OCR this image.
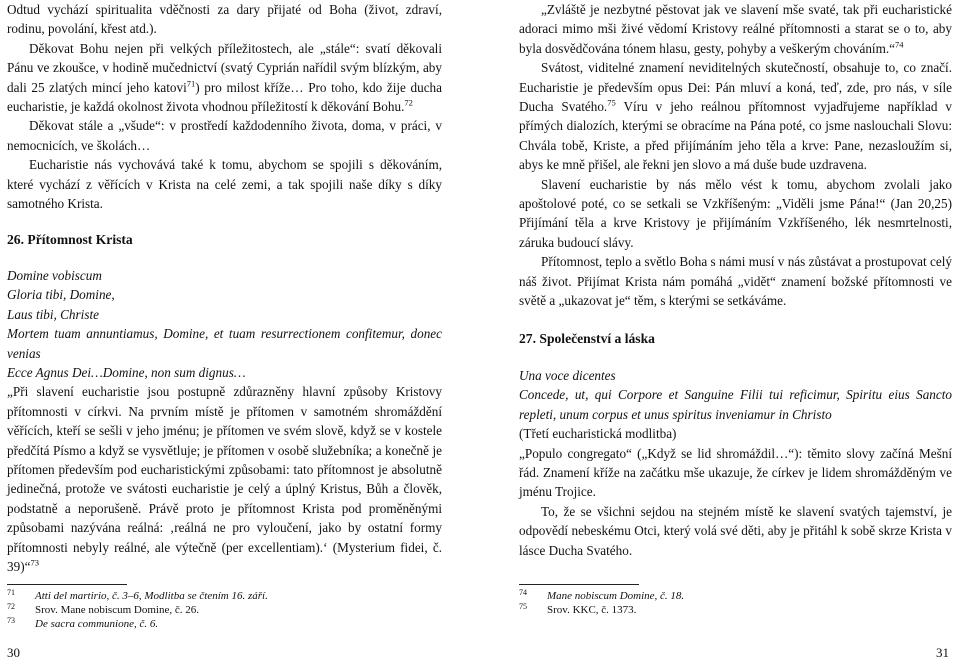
Odtud vychází spiritualita vděčnosti za dary přijaté od Boha (život, zdraví, rodinu, povolání, křest atd.).

Děkovat Bohu nejen při velkých příležitostech, ale „stále“: svatí děkovali Pánu ve zkoušce, v hodině mučednictví (svatý Cyprián nařídil svým blízkým, aby dali 25 zlatých mincí jeho katovi$^{71}$) pro milost kříže… Pro toho, kdo žije ducha eucharistie, je každá okolnost života vhodnou příležitostí k děkování Bohu.$^{72}$

Děkovat stále a „všude“: v prostředí každodenního života, doma, v práci, v nemocnicích, ve školách…

Eucharistie nás vychovává také k tomu, abychom se spojili s děkováním, které vychází z věřících v Krista na celé zemi, a tak spojili naše díky s díky samotného Krista.

26. Přítomnost Krista

Domine vobiscum

Gloria tibi, Domine,

Laus tibi, Christe

Mortem tuam annuntiamus, Domine, et tuam resurrectionem confitemur, donec venias

Ecce Agnus Dei…Domine, non sum dignus…

„Při slavení eucharistie jsou postupně zdůrazněny hlavní způsoby Kristovy přítomnosti v církvi. Na prvním místě je přítomen v samotném shromáždění věřících, kteří se sešli v jeho jménu; je přítomen ve svém slově, když se v kostele předčítá Písmo a když se vysvětluje; je přítomen v osobě služebníka; a konečně je přítomen především pod eucharistickými způsobami: tato přítomnost je absolutně jedinečná, protože ve svátosti eucharistie je celý a úplný Kristus, Bůh a člověk, podstatně a neporušeně. Právě proto je přítomnost Krista pod proměněnými způsobami nazývána reálná: ‚reálná ne pro vyloučení, jako by ostatní formy přítomnosti nebyly reálné, ale výtečně (per excellentiam).‘ (Mysterium fidei, č. 39)“$^{73}$

71 Atti del martirio, č. 3–6, Modlitba se čtením 16. září.
72 Srov. Mane nobiscum Domine, č. 26.
73 De sacra communione, č. 6.
30

„Zvláště je nezbytné pěstovat jak ve slavení mše svaté, tak při eucharistické adoraci mimo mši živé vědomí Kristovy reálné přítomnosti a starat se o to, aby byla dosvědčována tónem hlasu, gesty, pohyby a veškerým chováním.“$^{74}$

Svátost, viditelné znamení neviditelných skutečností, obsahuje to, co značí. Eucharistie je především opus Dei: Pán mluví a koná, teď, zde, pro nás, v síle Ducha Svatého.$^{75}$ Víru v jeho reálnou přítomnost vyjadřujeme například v přímých dialozích, kterými se obracíme na Pána poté, co jsme naslouchali Slovu: Chvála tobě, Kriste, a před přijímáním jeho těla a krve: Pane, nezasloužím si, abys ke mně přišel, ale řekni jen slovo a má duše bude uzdravena.

Slavení eucharistie by nás mělo vést k tomu, abychom zvolali jako apoštolové poté, co se setkali se Vzkříšeným: „Viděli jsme Pána!“ (Jan 20,25) Přijímání těla a krve Kristovy je přijímáním Vzkříšeného, lék nesmrtelnosti, záruka budoucí slávy.

Přítomnost, teplo a světlo Boha s námi musí v nás zůstávat a prostupovat celý náš život. Přijímat Krista nám pomáhá „vidět“ znamení božské přítomnosti ve světě a „ukazovat je“ těm, s kterými se setkáváme.

27. Společenství a láska

Una voce dicentes

Concede, ut, qui Corpore et Sanguine Filii tui reficimur, Spiritu eius Sancto repleti, unum corpus et unus spiritus inveniamur in Christo

(Třetí eucharistická modlitba)

„Populo congregato“ („Když se lid shromáždil…“): těmito slovy začíná Mešní řád. Znamení kříže na začátku mše ukazuje, že církev je lidem shromážděným ve jménu Trojice.

To, že se všichni sejdou na stejném místě ke slavení svatých tajemství, je odpovědí nebeskému Otci, který volá své děti, aby je přitáhl k sobě skrze Krista v lásce Ducha Svatého.

74 Mane nobiscum Domine, č. 18.
75 Srov. KKC, č. 1373.
31
